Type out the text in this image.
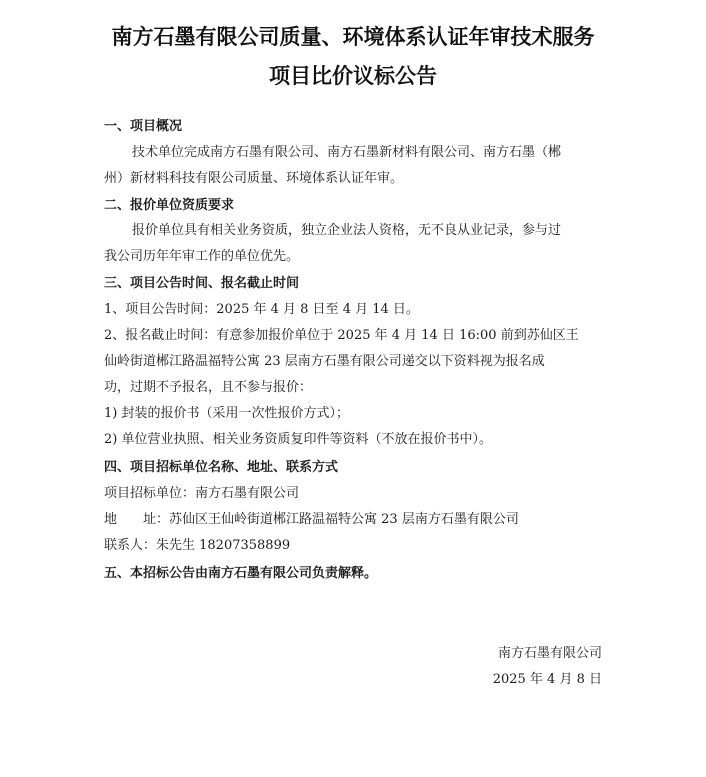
南方石墨有限公司质量、环境体系认证年审技术服务
项目比价议标公告
一、项目概况
技术单位完成南方石墨有限公司、南方石墨新材料有限公司、南方石墨（郴
州）新材料科技有限公司质量、环境体系认证年审。
二、报价单位资质要求
报价单位具有相关业务资质，独立企业法人资格，无不良从业记录，参与过
我公司历年年审工作的单位优先。
三、项目公告时间、报名截止时间
1、项目公告时间：2025 年 4 月 8 日至 4 月 14 日。
2、报名截止时间：有意参加报价单位于 2025 年 4 月 14 日 16:00 前到苏仙区王
仙岭街道郴江路温福特公寓 23 层南方石墨有限公司递交以下资料视为报名成
功，过期不予报名，且不参与报价：
1) 封装的报价书（采用一次性报价方式）；
2) 单位营业执照、相关业务资质复印件等资料（不放在报价书中）。
四、项目招标单位名称、地址、联系方式
项目招标单位：南方石墨有限公司
地 址：苏仙区王仙岭街道郴江路温福特公寓 23 层南方石墨有限公司
联系人：朱先生 18207358899
五、本招标公告由南方石墨有限公司负责解释。
南方石墨有限公司
2025 年 4 月 8 日
